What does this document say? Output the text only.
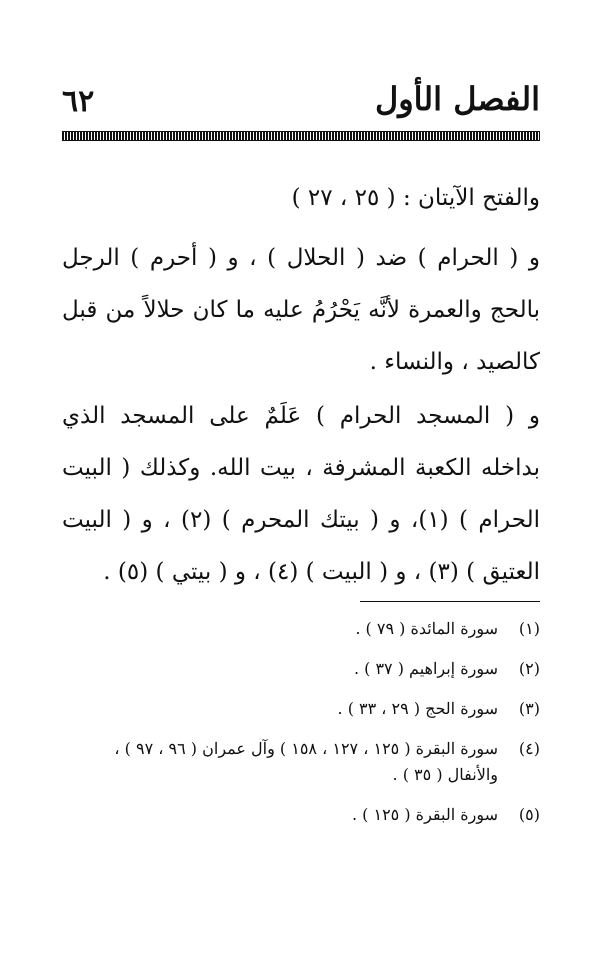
٦٢	الفصل الأول

والفتح الآيتان : ( ٢٥ ، ٢٧ )

و ( الحرام ) ضد ( الحلال ) ، و ( أحرم ) الرجل بالحج والعمرة لأنَّه يَحْرُمُ عليه ما كان حلالاً من قبل كالصيد ، والنساء .

و ( المسجد الحرام ) عَلَمٌ على المسجد الذي بداخله الكعبة المشرفة ، بيت الله. وكذلك ( البيت الحرام ) (١)، و ( بيتك المحرم ) (٢) ، و ( البيت العتيق ) (٣) ، و ( البيت ) (٤) ، و ( بيتي ) (٥) .

(١)
سورة المائدة ( ٧٩ ) .
(٢)
سورة إبراهيم ( ٣٧ ) .
(٣)
سورة الحج ( ٢٩ ، ٣٣ ) .
(٤)
سورة البقرة ( ١٢٥ ، ١٢٧ ، ١٥٨ ) وآل عمران ( ٩٦ ، ٩٧ ) ، والأنفال ( ٣٥ ) .
(٥)
سورة البقرة ( ١٢٥ ) .
